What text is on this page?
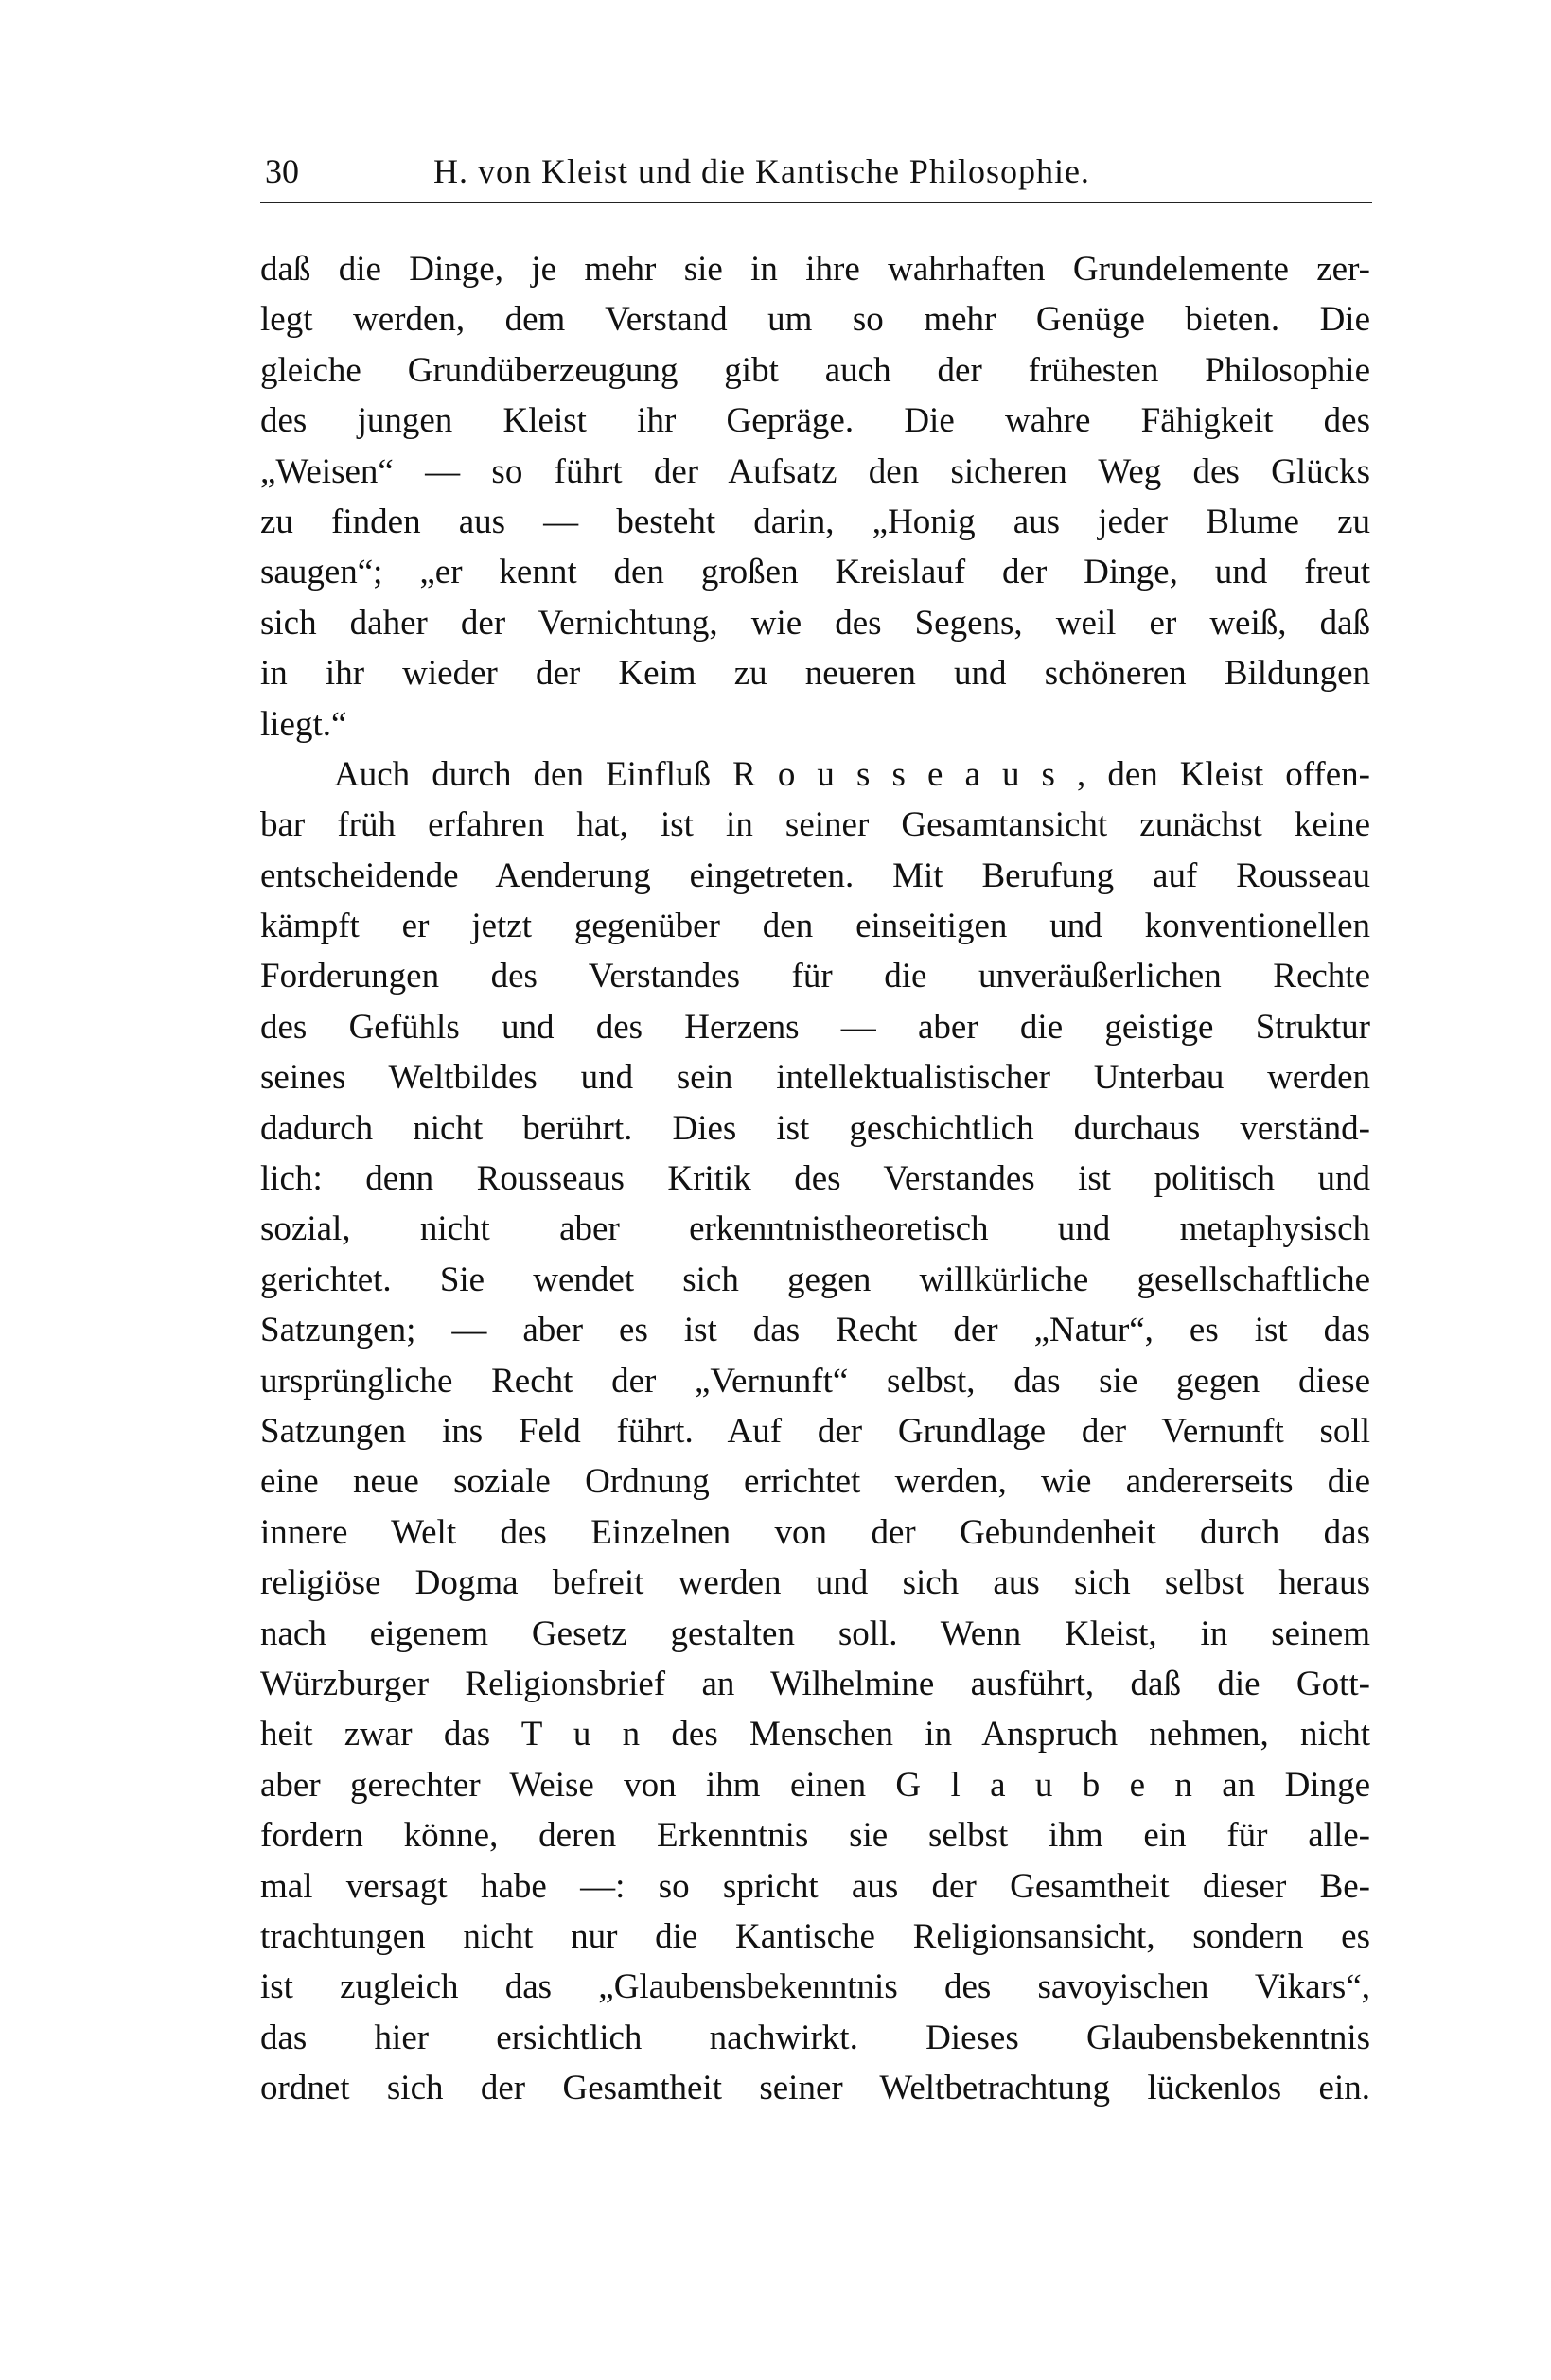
30	H. von Kleist und die Kantische Philosophie.
daß die Dinge, je mehr sie in ihre wahrhaften Grundelemente zer-
legt werden, dem Verstand um so mehr Genüge bieten. Die
gleiche Grundüberzeugung gibt auch der frühesten Philosophie
des jungen Kleist ihr Gepräge. Die wahre Fähigkeit des
„Weisen“ — so führt der Aufsatz den sicheren Weg des Glücks
zu finden aus — besteht darin, „Honig aus jeder Blume zu
saugen“; „er kennt den großen Kreislauf der Dinge, und freut
sich daher der Vernichtung, wie des Segens, weil er weiß, daß
in ihr wieder der Keim zu neueren und schöneren Bildungen
liegt.“
Auch durch den Einfluß R o u s s e a u s , den Kleist offen-
bar früh erfahren hat, ist in seiner Gesamtansicht zunächst keine
entscheidende Aenderung eingetreten. Mit Berufung auf Rousseau
kämpft er jetzt gegenüber den einseitigen und konventionellen
Forderungen des Verstandes für die unveräußerlichen Rechte
des Gefühls und des Herzens — aber die geistige Struktur
seines Weltbildes und sein intellektualistischer Unterbau werden
dadurch nicht berührt. Dies ist geschichtlich durchaus verständ-
lich: denn Rousseaus Kritik des Verstandes ist politisch und
sozial, nicht aber erkenntnistheoretisch und metaphysisch
gerichtet. Sie wendet sich gegen willkürliche gesellschaftliche
Satzungen; — aber es ist das Recht der „Natur“, es ist das
ursprüngliche Recht der „Vernunft“ selbst, das sie gegen diese
Satzungen ins Feld führt. Auf der Grundlage der Vernunft soll
eine neue soziale Ordnung errichtet werden, wie andererseits die
innere Welt des Einzelnen von der Gebundenheit durch das
religiöse Dogma befreit werden und sich aus sich selbst heraus
nach eigenem Gesetz gestalten soll. Wenn Kleist, in seinem
Würzburger Religionsbrief an Wilhelmine ausführt, daß die Gott-
heit zwar das T u n des Menschen in Anspruch nehmen, nicht
aber gerechter Weise von ihm einen G l a u b e n an Dinge
fordern könne, deren Erkenntnis sie selbst ihm ein für alle-
mal versagt habe —: so spricht aus der Gesamtheit dieser Be-
trachtungen nicht nur die Kantische Religionsansicht, sondern es
ist zugleich das „Glaubensbekenntnis des savoyischen Vikars“,
das hier ersichtlich nachwirkt. Dieses Glaubensbekenntnis
ordnet sich der Gesamtheit seiner Weltbetrachtung lückenlos ein.
